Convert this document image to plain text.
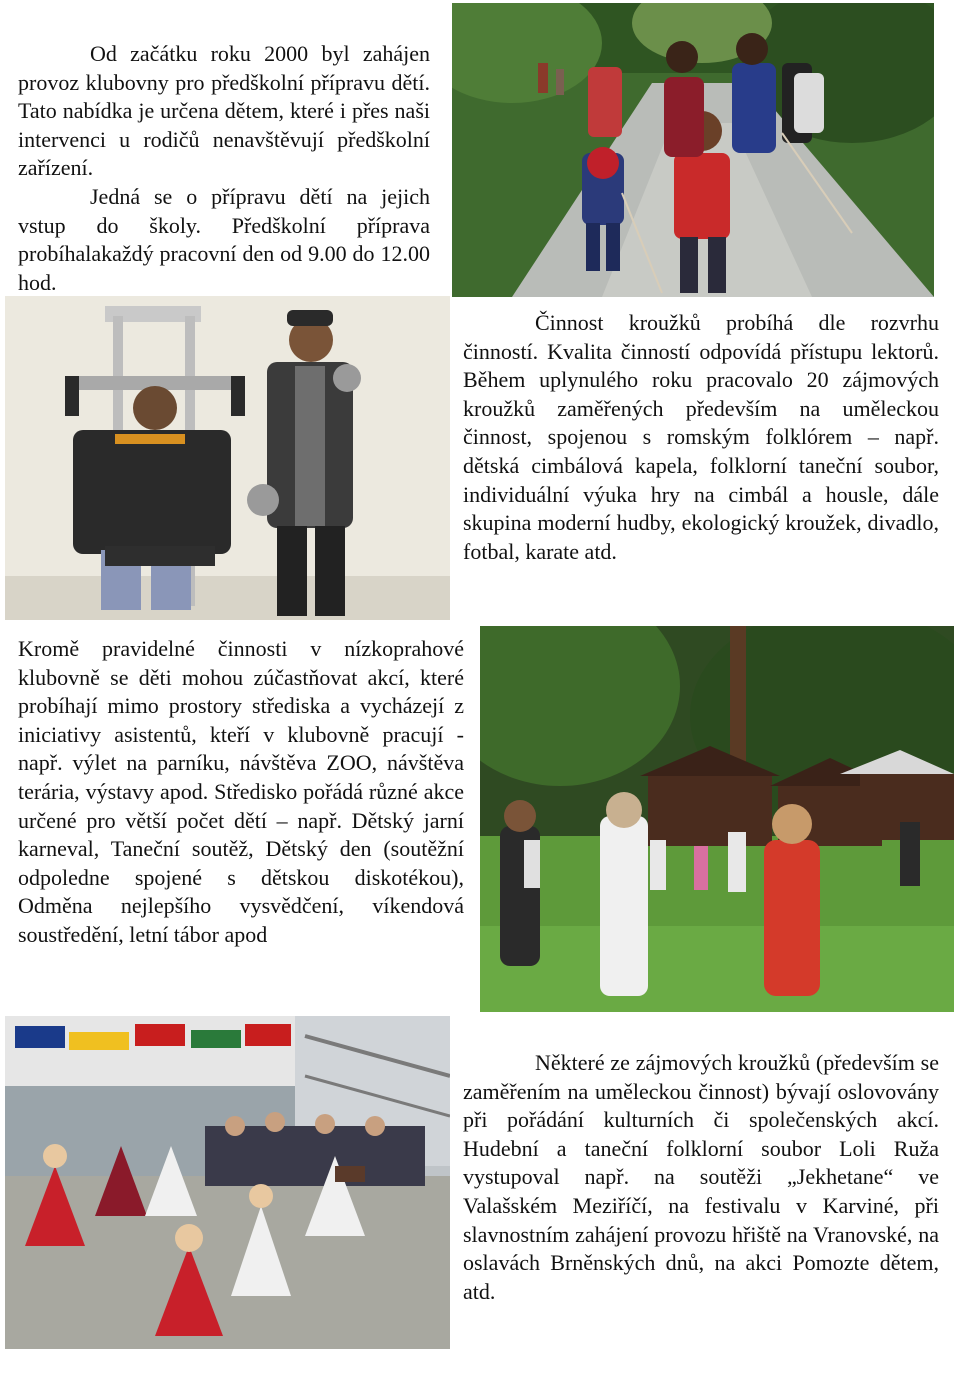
Od začátku roku 2000 byl zahájen provoz klubovny pro předškolní přípravu dětí. Tato nabídka je určena dětem, které i přes naši intervenci u rodičů nenavštěvují předškolní zařízení.
Jedná se o přípravu dětí na jejich vstup do školy. Předškolní příprava probíhalakaždý pracovní den od 9.00 do 12.00 hod.
Činnost kroužků probíhá dle rozvrhu činností. Kvalita činností odpovídá přístupu lektorů. Během uplynulého roku pracovalo 20 zájmových kroužků zaměřených především na uměleckou činnost, spojenou s romským folklórem – např. dětská cimbálová kapela, folklorní taneční soubor, individuální výuka hry na cimbál a housle, dále skupina moderní hudby, ekologický kroužek, divadlo, fotbal, karate atd.
Kromě pravidelné činnosti v nízkoprahové klubovně se děti mohou zúčastňovat akcí, které probíhají mimo prostory střediska a vycházejí z iniciativy asistentů, kteří v klubovně pracují - např. výlet na parníku, návštěva ZOO, návštěva terária, výstavy apod. Středisko pořádá různé akce určené pro větší počet dětí – např. Dětský jarní karneval, Taneční soutěž, Dětský den (soutěžní odpoledne spojené s dětskou diskotékou), Odměna nejlepšího vysvědčení, víkendová soustředění, letní tábor apod
Některé ze zájmových kroužků (především se zaměřením na uměleckou činnost) bývají oslovovány při pořádání kulturních či společenských akcí. Hudební a taneční folklorní soubor Loli Ruža vystupoval např. na soutěži „Jekhetane“ ve Valašském Meziříčí, na festivalu v Karviné, při slavnostním zahájení provozu hřiště na Vranovské, na oslavách Brněnských dnů, na akci Pomozte dětem, atd.
